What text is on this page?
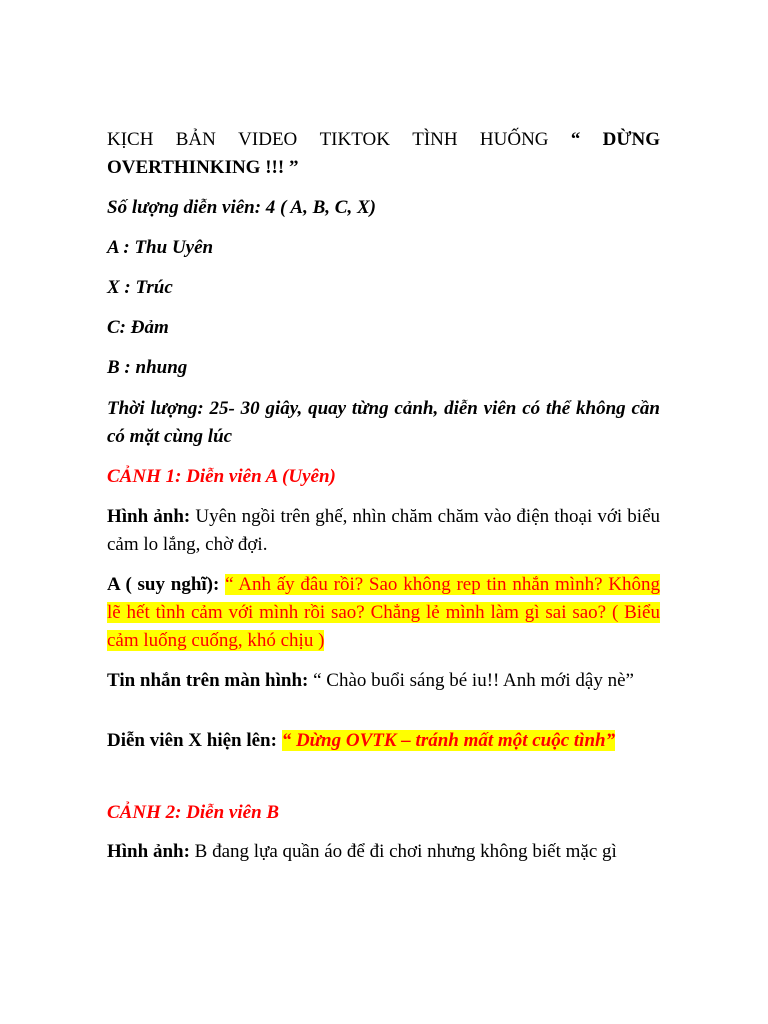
KỊCH BẢN VIDEO TIKTOK TÌNH HUỐNG “ DỪNG
OVERTHINKING !!! ”
Số lượng diễn viên: 4 ( A, B, C, X)
A : Thu Uyên
X : Trúc
C: Đảm
B : nhung
Thời lượng: 25- 30 giây, quay từng cảnh, diễn viên có thể không cần có mặt cùng lúc
CẢNH 1: Diễn viên A (Uyên)
Hình ảnh: Uyên ngồi trên ghế, nhìn chăm chăm vào điện thoại với biểu cảm lo lắng, chờ đợi.
A ( suy nghĩ): “ Anh ấy đâu rồi? Sao không rep tin nhắn mình? Không lẽ hết tình cảm với mình rồi sao? Chẳng lẻ mình làm gì sai sao? ( Biểu cảm luống cuống, khó chịu )
Tin nhắn trên màn hình: “ Chào buổi sáng bé iu!! Anh mới dậy nè”
Diễn viên X hiện lên: “ Dừng OVTK – tránh mất một cuộc tình”
CẢNH 2: Diễn viên B
Hình ảnh: B đang lựa quần áo để đi chơi nhưng không biết mặc gì
